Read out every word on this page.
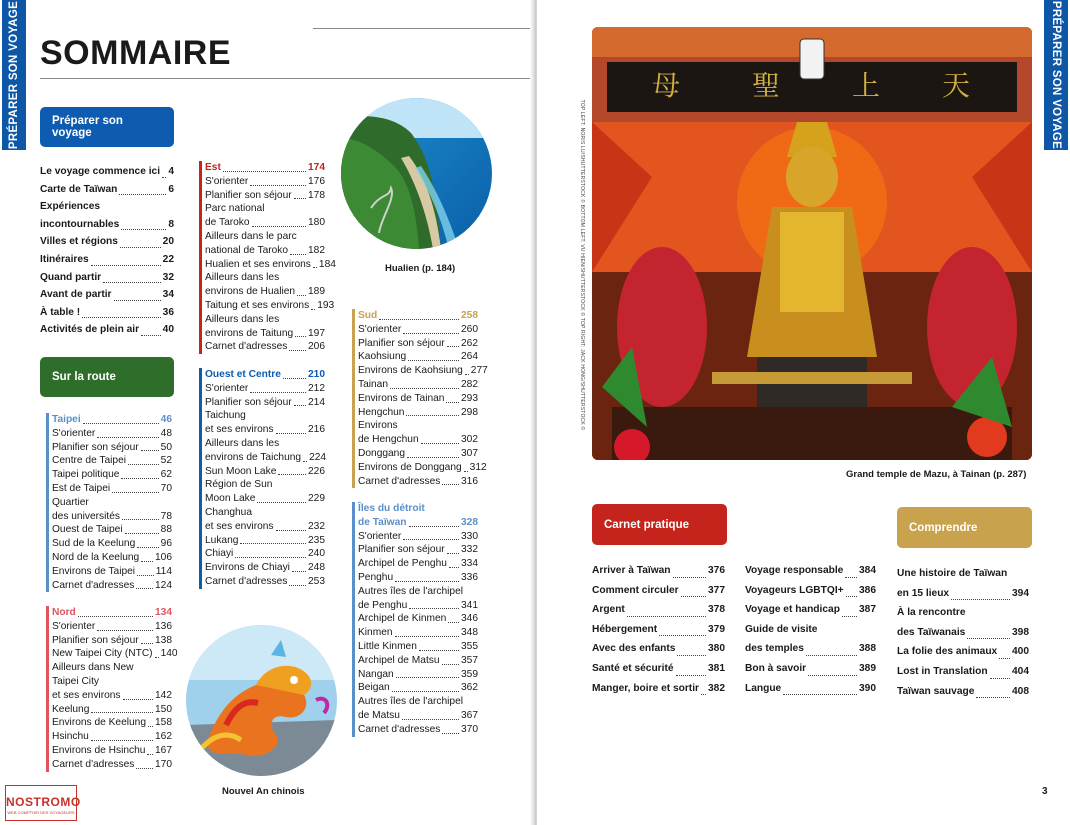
PRÉPARER SON VOYAGE SOMMAIRE
Préparer son voyage
Le voyage commence ici 4
Carte de Taïwan	6
Expériences
incontournables	8
Villes et régions	20
Itinéraires	22
Quand partir	32
Avant de partir	34
À table !	36
Activités de plein air 40
Sur la route
Taipei	46
S'orienter	48
Planifier son séjour 50
Centre de Taipei	52
Taipei politique	62
Est de Taipei	70
Quartier
des universités	78
Ouest de Taipei	88
Sud de la Keelung 96
Nord de la Keelung 106
Environs de Taipei 114
Carnet d'adresses 124
Nord	134
S'orienter	136
Planifier son séjour 138
New Taipei City (NTC) 140
Ailleurs dans New
Taipei City
et ses environs	142
Keelung	150
Environs de Keelung 158
Hsinchu	162
Environs de Hsinchu 167
Carnet d'adresses 170
Est	174
S'orienter	176
Planifier son séjour 178
Parc national
de Taroko	180
Ailleurs dans le parc
national de Taroko 182
Hualien et ses environs 184
Ailleurs dans les
environs de Hualien 189
Taitung et ses environs 193
Ailleurs dans les
environs de Taitung 197
Carnet d'adresses 206
Ouest et Centre	210
S'orienter	212
Planifier son séjour 214
Taichung
et ses environs	216
Ailleurs dans les
environs de Taichung 224
Sun Moon Lake	226
Région de Sun
Moon Lake	229
Changhua
et ses environs	232
Lukang	235
Chiayi	240
Environs de Chiayi 248
Carnet d'adresses 253
Sud	258
S'orienter	260
Planifier son séjour 262
Kaohsiung	264
Environs de Kaohsiung 277
Tainan	282
Environs de Tainan 293
Hengchun	298
Environs
de Hengchun	302
Donggang	307
Environs de Donggang 312
Carnet d'adresses 316
Îles du détroit
de Taïwan	328
S'orienter	330
Planifier son séjour 332
Archipel de Penghu 334
Penghu	336
Autres îles de l'archipel
de Penghu	341
Archipel de Kinmen 346
Kinmen	348
Little Kinmen	355
Archipel de Matsu 357
Nangan	359
Beigan	362
Autres îles de l'archipel
de Matsu	367
Carnet d'adresses 370
Hualien (p. 184)
Nouvel An chinois
NOSTROMO
WEB COMPTOIR DES VOYAGEURS
PRÉPARER SON VOYAGE
TOP LEFT: NORIS LU/SHUTTERSTOCK © BOTTOM LEFT: VU HIEN/SHUTTERSTOCK © TOP RIGHT: JACK HONG/SHUTTERSTOCK ©
母	聖	上 天
Grand temple de Mazu, à Tainan (p. 287)
Carnet pratique	Comprendre
Arriver à Taïwan	376
Comment circuler	377
Argent	378
Hébergement	379
Avec des enfants	380
Santé et sécurité	381
Manger, boire et sortir 382
Voyage responsable 384
Voyageurs LGBTQI+ 386
Voyage et handicap 387
Guide de visite
des temples	388
Bon à savoir	389
Langue	390
Une histoire de Taïwan
en 15 lieux	394
À la rencontre
des Taïwanais	398
La folie des animaux 400
Lost in Translation 404
Taïwan sauvage	408
3
